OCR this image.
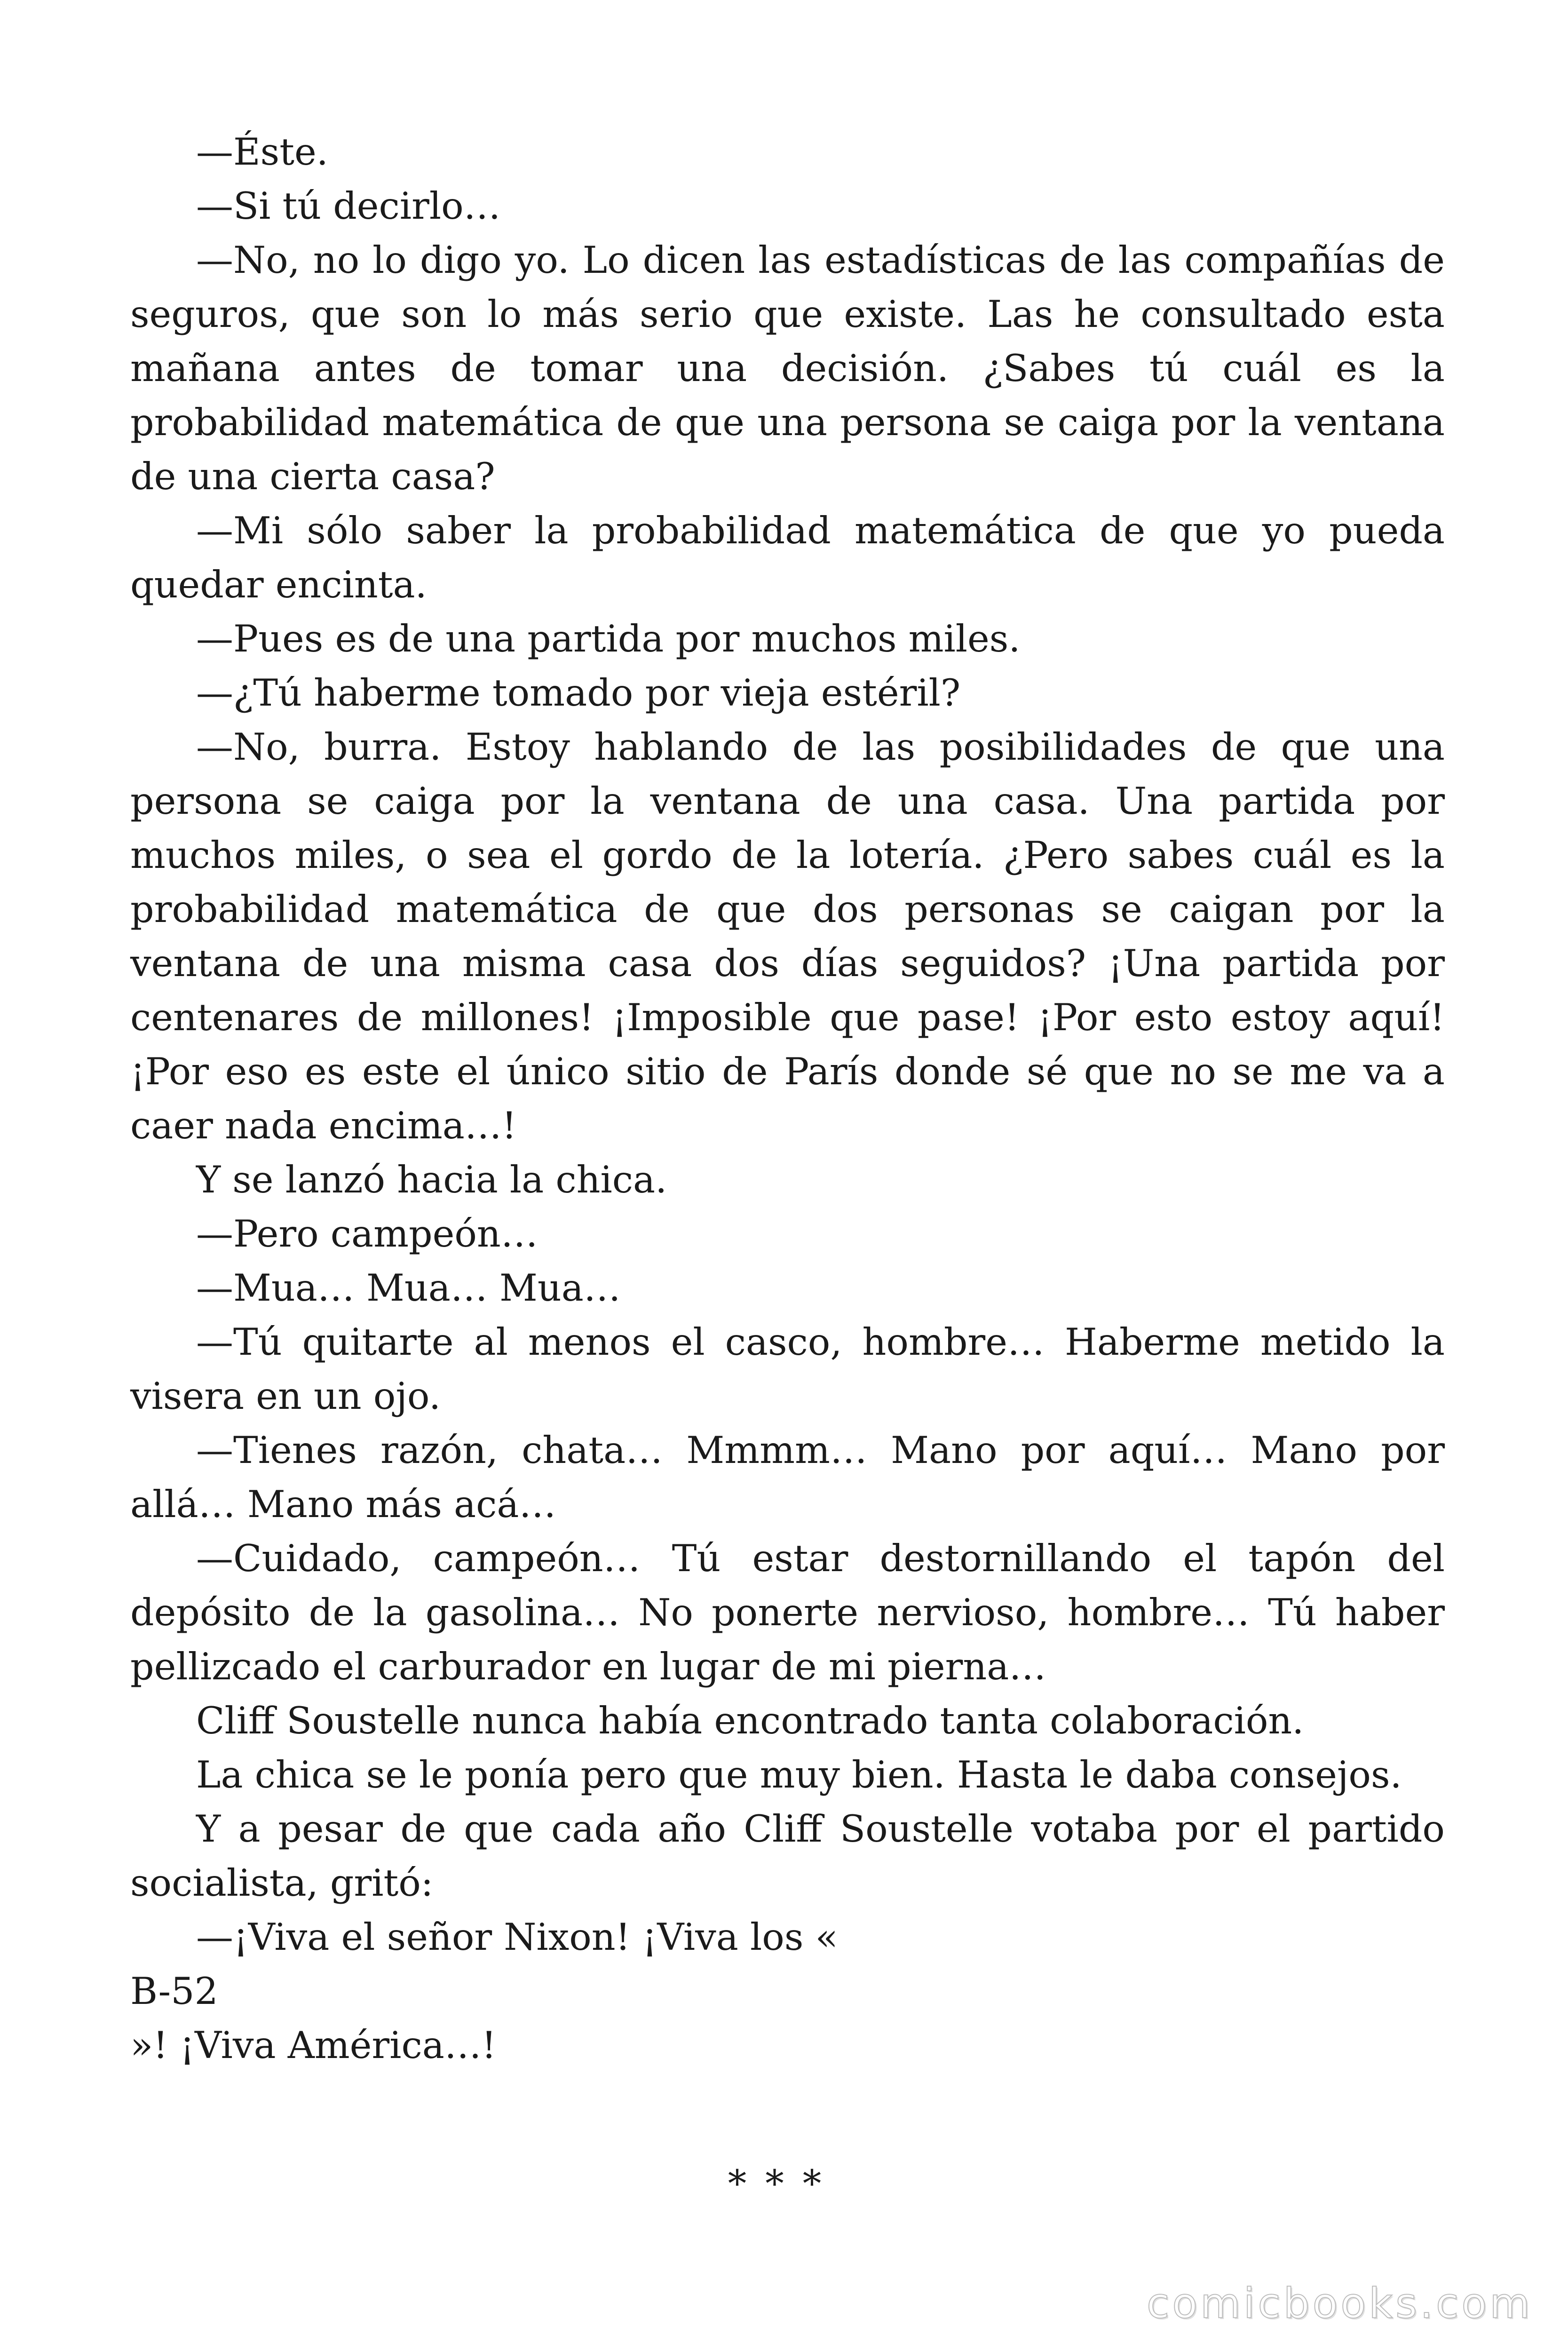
—Éste.

—Si tú decirlo…

—No, no lo digo yo. Lo dicen las estadísticas de las compañías de seguros, que son lo más serio que existe. Las he consultado esta mañana antes de tomar una decisión. ¿Sabes tú cuál es la probabilidad matemática de que una persona se caiga por la ventana de una cierta casa?

—Mi sólo saber la probabilidad matemática de que yo pueda quedar encinta.

—Pues es de una partida por muchos miles.

—¿Tú haberme tomado por vieja estéril?

—No, burra. Estoy hablando de las posibilidades de que una persona se caiga por la ventana de una casa. Una partida por muchos miles, o sea el gordo de la lotería. ¿Pero sabes cuál es la probabilidad matemática de que dos personas se caigan por la ventana de una misma casa dos días seguidos? ¡Una partida por centenares de millones! ¡Imposible que pase! ¡Por esto estoy aquí! ¡Por eso es este el único sitio de París donde sé que no se me va a caer nada encima…!

Y se lanzó hacia la chica.

—Pero campeón…

—Mua… Mua… Mua…

—Tú quitarte al menos el casco, hombre… Haberme metido la visera en un ojo.

—Tienes razón, chata… Mmmm… Mano por aquí… Mano por allá… Mano más acá…

—Cuidado, campeón… Tú estar destornillando el tapón del depósito de la gasolina… No ponerte nervioso, hombre… Tú haber pellizcado el carburador en lugar de mi pierna…

Cliff Soustelle nunca había encontrado tanta colaboración.

La chica se le ponía pero que muy bien. Hasta le daba consejos.

Y a pesar de que cada año Cliff Soustelle votaba por el partido socialista, gritó:

—¡Viva el señor Nixon! ¡Viva los «

B-52

»! ¡Viva América…!

***
comicbooks.com
